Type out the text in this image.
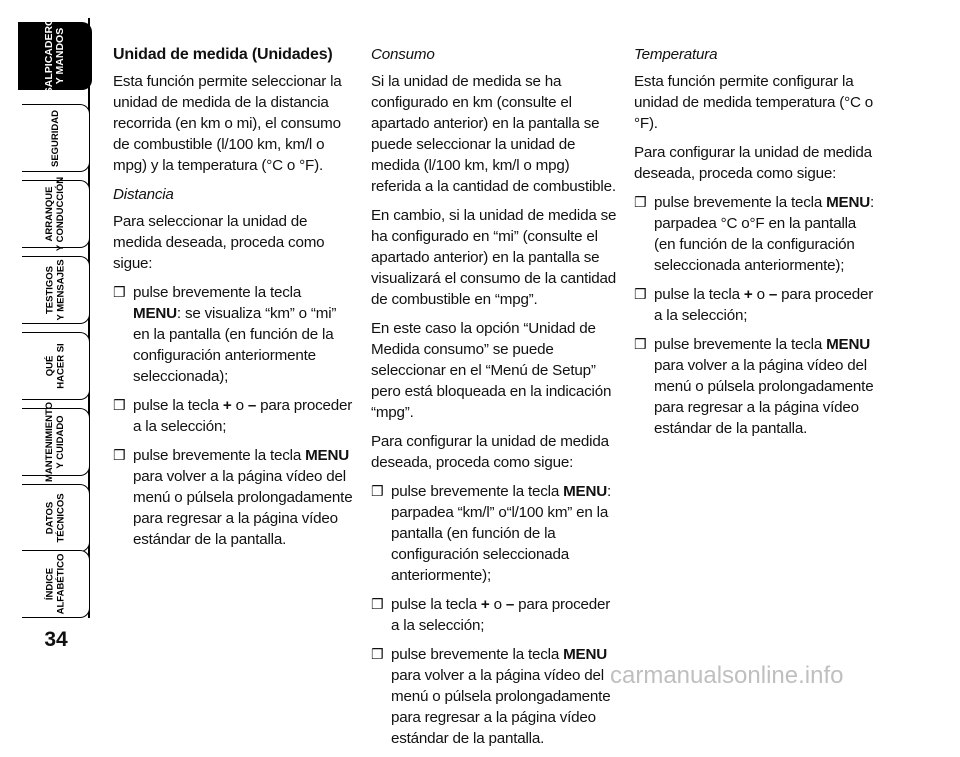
SALPICADERO
Y MANDOS
SEGURIDAD
ARRANQUE
Y CONDUCCIÓN
TESTIGOS
Y MENSAJES
QUÉ
HACER SI
MANTENIMIENTO
Y CUIDADO
DATOS
TÉCNICOS
ÍNDICE
ALFABÉTICO
34
Unidad de medida (Unidades)

Esta función permite seleccionar la unidad de medida de la distancia recorrida (en km o mi), el consumo de combustible (l/100 km, km/l o mpg) y la temperatura (°C o °F).

Distancia

Para seleccionar la unidad de medida deseada, proceda como sigue:

❒ pulse brevemente la tecla MENU: se visualiza “km” o “mi” en la pantalla (en función de la configuración anteriormente seleccionada);
❒ pulse la tecla + o – para proceder a la selección;
❒ pulse brevemente la tecla MENU para volver a la página vídeo del menú o púlsela prolongadamente para regresar a la página vídeo estándar de la pantalla.
Consumo

Si la unidad de medida se ha configurado en km (consulte el apartado anterior) en la pantalla se puede seleccionar la unidad de medida (l/100 km, km/l o mpg) referida a la cantidad de combustible.

En cambio, si la unidad de medida se ha configurado en “mi” (consulte el apartado anterior) en la pantalla se visualizará el consumo de la cantidad de combustible en “mpg”.

En este caso la opción “Unidad de Medida consumo” se puede seleccionar en el “Menú de Setup” pero está bloqueada en la indicación “mpg”.

Para configurar la unidad de medida deseada, proceda como sigue:

❒ pulse brevemente la tecla MENU: parpadea “km/l” o“l/100 km” en la pantalla (en función de la configuración seleccionada anteriormente);
❒ pulse la tecla + o – para proceder a la selección;
❒ pulse brevemente la tecla MENU para volver a la página vídeo del menú o púlsela prolongadamente para regresar a la página vídeo estándar de la pantalla.
Temperatura

Esta función permite configurar la unidad de medida temperatura (°C o °F).

Para configurar la unidad de medida deseada, proceda como sigue:

❒ pulse brevemente la tecla MENU: parpadea °C o°F en la pantalla (en función de la configuración seleccionada anteriormente);
❒ pulse la tecla + o – para proceder a la selección;
❒ pulse brevemente la tecla MENU para volver a la página vídeo del menú o púlsela prolongadamente para regresar a la página vídeo estándar de la pantalla.
carmanualsonline.info
